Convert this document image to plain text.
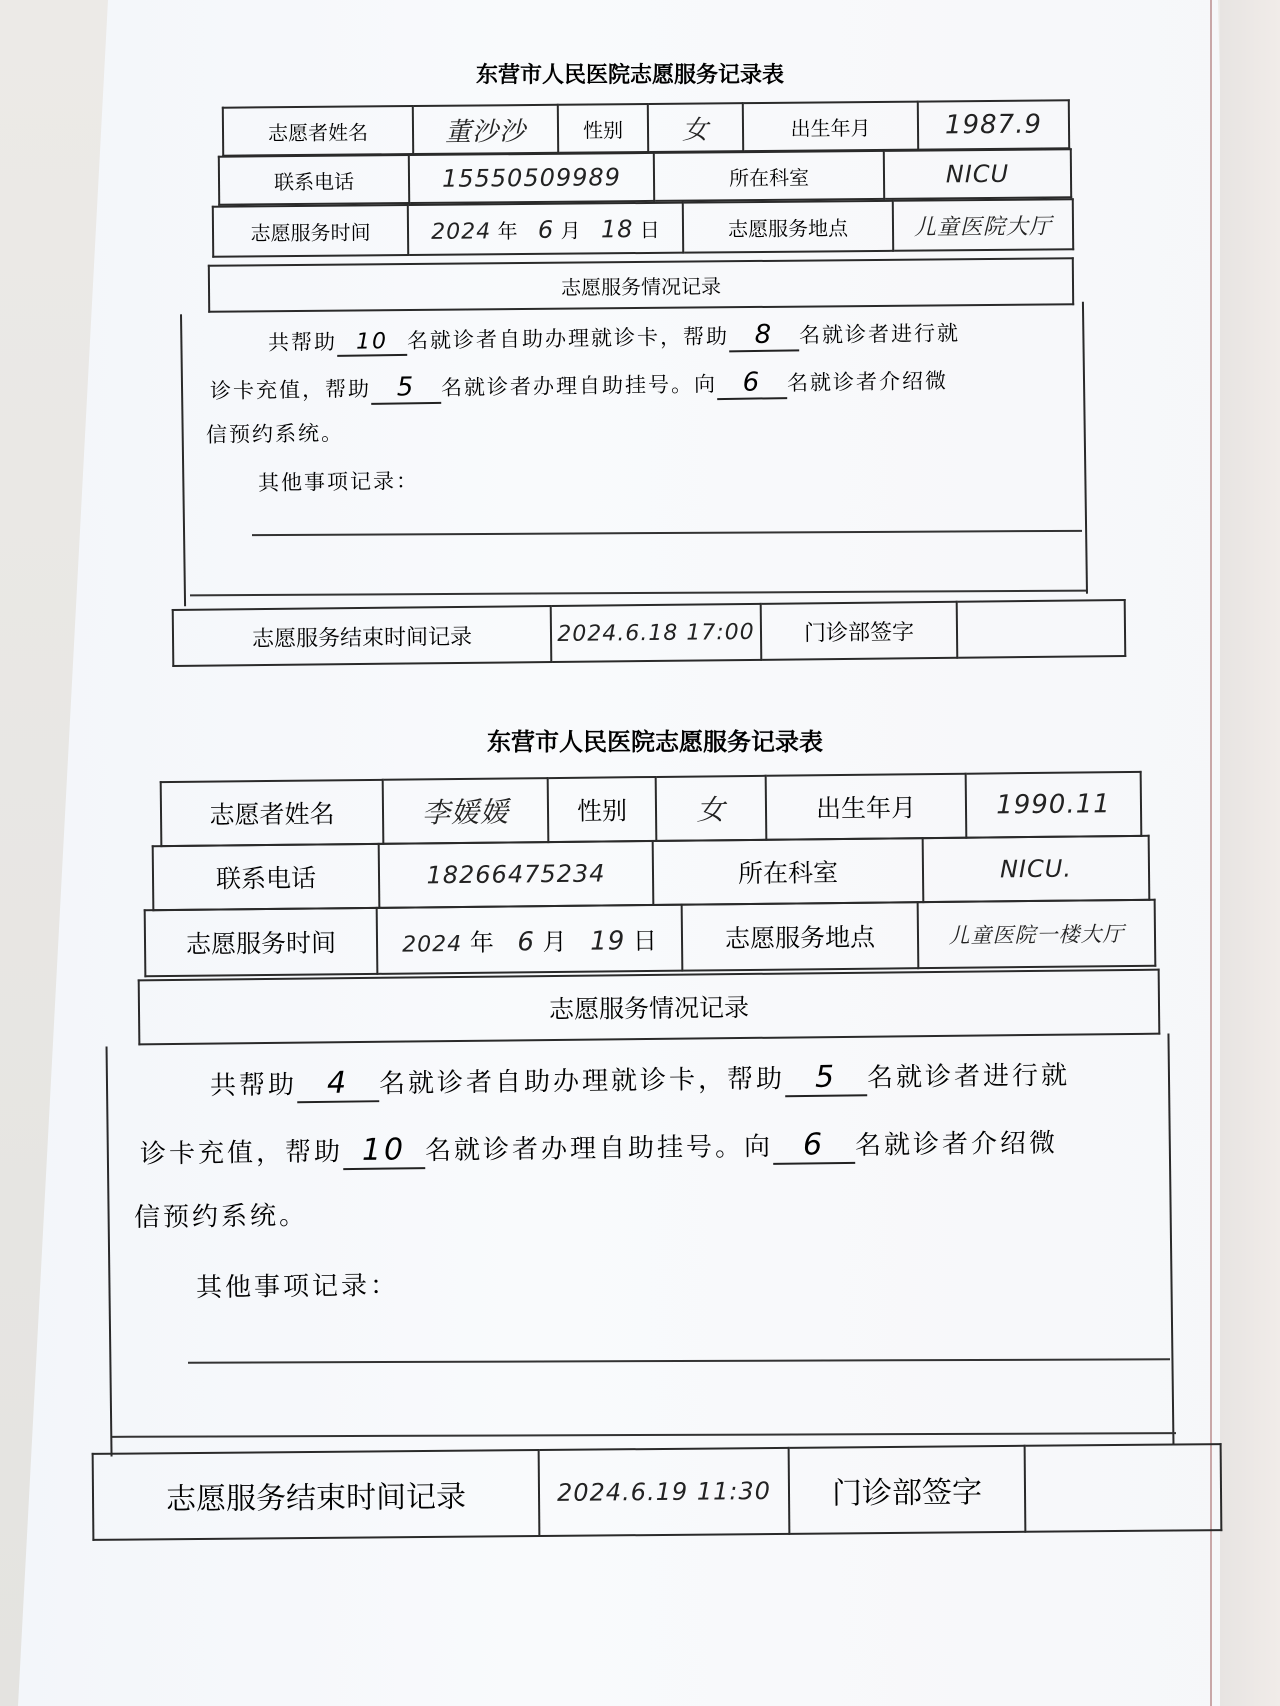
东营市人民医院志愿服务记录表
志愿者姓名	董沙沙	性别	女	出生年月	1987.9
联系电话	15550509989	所在科室	NICU
志愿服务时间	2024 年 6 月 18 日	志愿服务地点	儿童医院大厅
志愿服务情况记录
共帮助 10 名就诊者自助办理就诊卡，帮助 8 名就诊者进行就
诊卡充值，帮助 5 名就诊者办理自助挂号。向 6 名就诊者介绍微
信预约系统。
其他事项记录：
志愿服务结束时间记录	2024.6.18 17:00	门诊部签字	
东营市人民医院志愿服务记录表
志愿者姓名	李媛媛	性别	女	出生年月	1990.11
联系电话	18266475234	所在科室	NICU.
志愿服务时间	2024 年 6 月 19 日	志愿服务地点	儿童医院一楼大厅
志愿服务情况记录
共帮助 4 名就诊者自助办理就诊卡，帮助 5 名就诊者进行就
诊卡充值，帮助 10 名就诊者办理自助挂号。向 6 名就诊者介绍微
信预约系统。
其他事项记录：
志愿服务结束时间记录	2024.6.19 11:30	门诊部签字	
